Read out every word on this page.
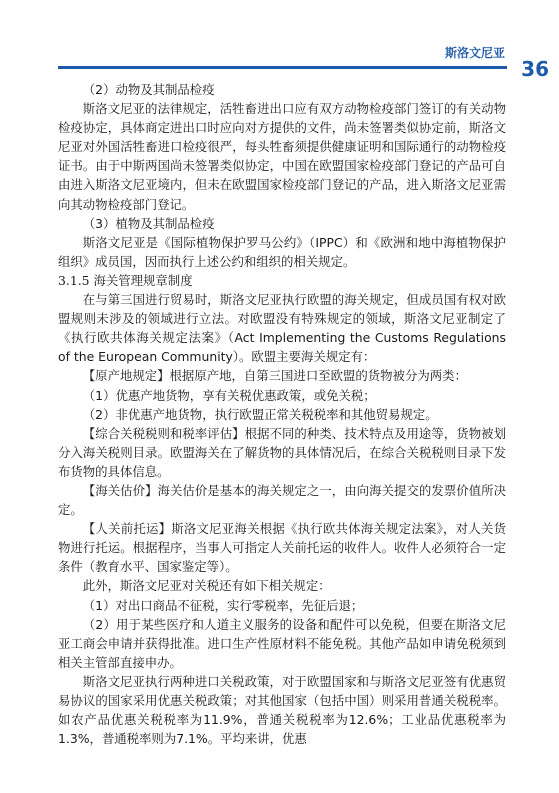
斯洛文尼亚
36

（2）动物及其制品检疫

斯洛文尼亚的法律规定，活牲畜进出口应有双方动物检疫部门签订的有关动物检疫协定，具体商定进出口时应向对方提供的文件，尚未签署类似协定前，斯洛文尼亚对外国活牲畜进口检疫很严，每头牲畜须提供健康证明和国际通行的动物检疫证书。由于中斯两国尚未签署类似协定，中国在欧盟国家检疫部门登记的产品可自由进入斯洛文尼亚境内，但未在欧盟国家检疫部门登记的产品，进入斯洛文尼亚需向其动物检疫部门登记。

（3）植物及其制品检疫

斯洛文尼亚是《国际植物保护罗马公约》（IPPC）和《欧洲和地中海植物保护组织》成员国，因而执行上述公约和组织的相关规定。

3.1.5 海关管理规章制度

在与第三国进行贸易时，斯洛文尼亚执行欧盟的海关规定，但成员国有权对欧盟规则未涉及的领域进行立法。对欧盟没有特殊规定的领域，斯洛文尼亚制定了《执行欧共体海关规定法案》（Act Implementing the Customs Regulations of the European Community）。欧盟主要海关规定有：

【原产地规定】根据原产地，自第三国进口至欧盟的货物被分为两类：

（1）优惠产地货物，享有关税优惠政策，或免关税；

（2）非优惠产地货物，执行欧盟正常关税税率和其他贸易规定。

【综合关税税则和税率评估】根据不同的种类、技术特点及用途等，货物被划分入海关税则目录。欧盟海关在了解货物的具体情况后，在综合关税税则目录下发布货物的具体信息。

【海关估价】海关估价是基本的海关规定之一，由向海关提交的发票价值所决定。

【人关前托运】斯洛文尼亚海关根据《执行欧共体海关规定法案》，对人关货物进行托运。根据程序，当事人可指定人关前托运的收件人。收件人必须符合一定条件（教育水平、国家鉴定等）。

此外，斯洛文尼亚对关税还有如下相关规定：

（1）对出口商品不征税，实行零税率，先征后退；

（2）用于某些医疗和人道主义服务的设备和配件可以免税，但要在斯洛文尼亚工商会申请并获得批准。进口生产性原材料不能免税。其他产品如申请免税须到相关主管部直接申办。

斯洛文尼亚执行两种进口关税政策，对于欧盟国家和与斯洛文尼亚签有优惠贸易协议的国家采用优惠关税政策；对其他国家（包括中国）则采用普通关税税率。如农产品优惠关税税率为11.9%，普通关税税率为12.6%；工业品优惠税率为1.3%，普通税率则为7.1%。平均来讲，优惠
